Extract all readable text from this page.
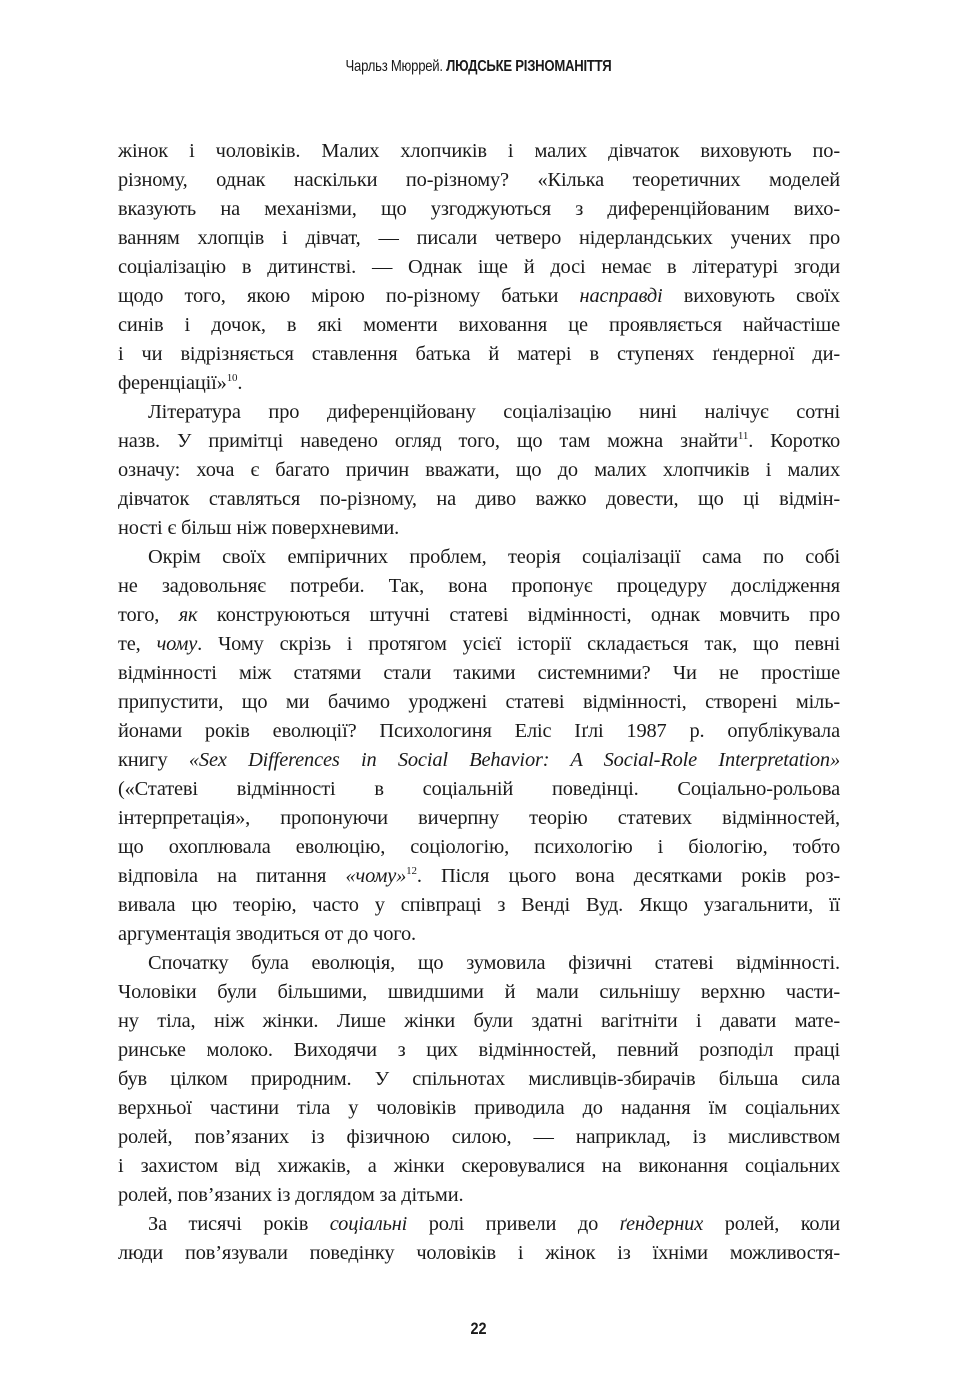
Чарльз Мюррей. ЛЮДСЬКЕ РІЗНОМАНІТТЯ
жінок і чоловіків. Малих хлопчиків і малих дівчаток виховують по-
різному, однак наскільки по-різному? «Кілька теоретичних моделей
вказують на механізми, що узгоджуються з диференційованим вихо-
ванням хлопців і дівчат, — писали четверо нідерландських учених про
соціалізацію в дитинстві. — Однак іще й досі немає в літературі згоди
щодо того, якою мірою по-різному батьки насправді виховують своїх
синів і дочок, в які моменти виховання це проявляється найчастіше
і чи відрізняється ставлення батька й матері в ступенях ґендерної ди-
ференціації»$^{10}$.
Література про диференційовану соціалізацію нині налічує сотні
назв. У примітці наведено огляд того, що там можна знайти$^{11}$. Коротко
означу: хоча є багато причин вважати, що до малих хлопчиків і малих
дівчаток ставляться по-різному, на диво важко довести, що ці відмін-
ності є більш ніж поверхневими.
Окрім своїх емпіричних проблем, теорія соціалізації сама по собі
не задовольняє потреби. Так, вона пропонує процедуру дослідження
того, як конструюються штучні статеві відмінності, однак мовчить про
те, чому. Чому скрізь і протягом усієї історії складається так, що певні
відмінності між статями стали такими системними? Чи не простіше
припустити, що ми бачимо уроджені статеві відмінності, створені міль-
йонами років еволюції? Психологиня Еліс Іґлі 1987 р. опублікувала
книгу «Sex Differences in Social Behavior: A Social-Role Interpretation»
(«Статеві відмінності в соціальній поведінці. Соціально-рольова
інтерпретація», пропонуючи вичерпну теорію статевих відмінностей,
що охоплювала еволюцію, соціологію, психологію і біологію, тобто
відповіла на питання «чому»$^{12}$. Після цього вона десятками років роз-
вивала цю теорію, часто у співпраці з Венді Вуд. Якщо узагальнити, її
аргументація зводиться от до чого.
Спочатку була еволюція, що зумовила фізичні статеві відмінності.
Чоловіки були більшими, швидшими й мали сильнішу верхню части-
ну тіла, ніж жінки. Лише жінки були здатні вагітніти і давати мате-
ринське молоко. Виходячи з цих відмінностей, певний розподіл праці
був цілком природним. У спільнотах мисливців-збирачів більша сила
верхньої частини тіла у чоловіків приводила до надання їм соціальних
ролей, пов’язаних із фізичною силою, — наприклад, із мисливством
і захистом від хижаків, а жінки скеровувалися на виконання соціальних
ролей, пов’язаних із доглядом за дітьми.
За тисячі років соціальні ролі привели до ґендерних ролей, коли
люди пов’язували поведінку чоловіків і жінок із їхніми можливостя-
22
